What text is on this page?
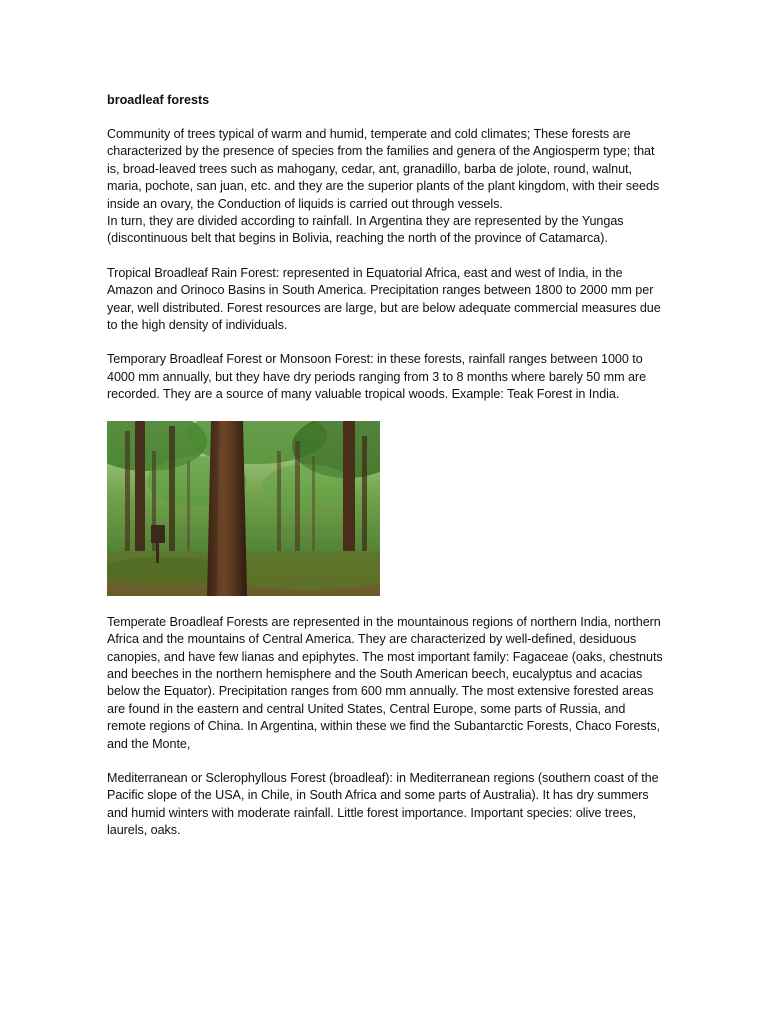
broadleaf forests

Community of trees typical of warm and humid, temperate and cold climates; These forests are characterized by the presence of species from the families and genera of the Angiosperm type; that is, broad-leaved trees such as mahogany, cedar, ant, granadillo, barba de jolote, round, walnut, maria, pochote, san juan, etc. and they are the superior plants of the plant kingdom, with their seeds inside an ovary, the Conduction of liquids is carried out through vessels.

In turn, they are divided according to rainfall. In Argentina they are represented by the Yungas (discontinuous belt that begins in Bolivia, reaching the north of the province of Catamarca).

Tropical Broadleaf Rain Forest: represented in Equatorial Africa, east and west of India, in the Amazon and Orinoco Basins in South America. Precipitation ranges between 1800 to 2000 mm per year, well distributed. Forest resources are large, but are below adequate commercial measures due to the high density of individuals.

Temporary Broadleaf Forest or Monsoon Forest: in these forests, rainfall ranges between 1000 to 4000 mm annually, but they have dry periods ranging from 3 to 8 months where barely 50 mm are recorded. They are a source of many valuable tropical woods. Example: Teak Forest in India.

Temperate Broadleaf Forests are represented in the mountainous regions of northern India, northern Africa and the mountains of Central America. They are characterized by well-defined, desiduous canopies, and have few lianas and epiphytes. The most important family: Fagaceae (oaks, chestnuts and beeches in the northern hemisphere and the South American beech, eucalyptus and acacias below the Equator). Precipitation ranges from 600 mm annually. The most extensive forested areas are found in the eastern and central United States, Central Europe, some parts of Russia, and remote regions of China. In Argentina, within these we find the Subantarctic Forests, Chaco Forests, and the Monte,

Mediterranean or Sclerophyllous Forest (broadleaf): in Mediterranean regions (southern coast of the Pacific slope of the USA, in Chile, in South Africa and some parts of Australia). It has dry summers and humid winters with moderate rainfall. Little forest importance. Important species: olive trees, laurels, oaks.
